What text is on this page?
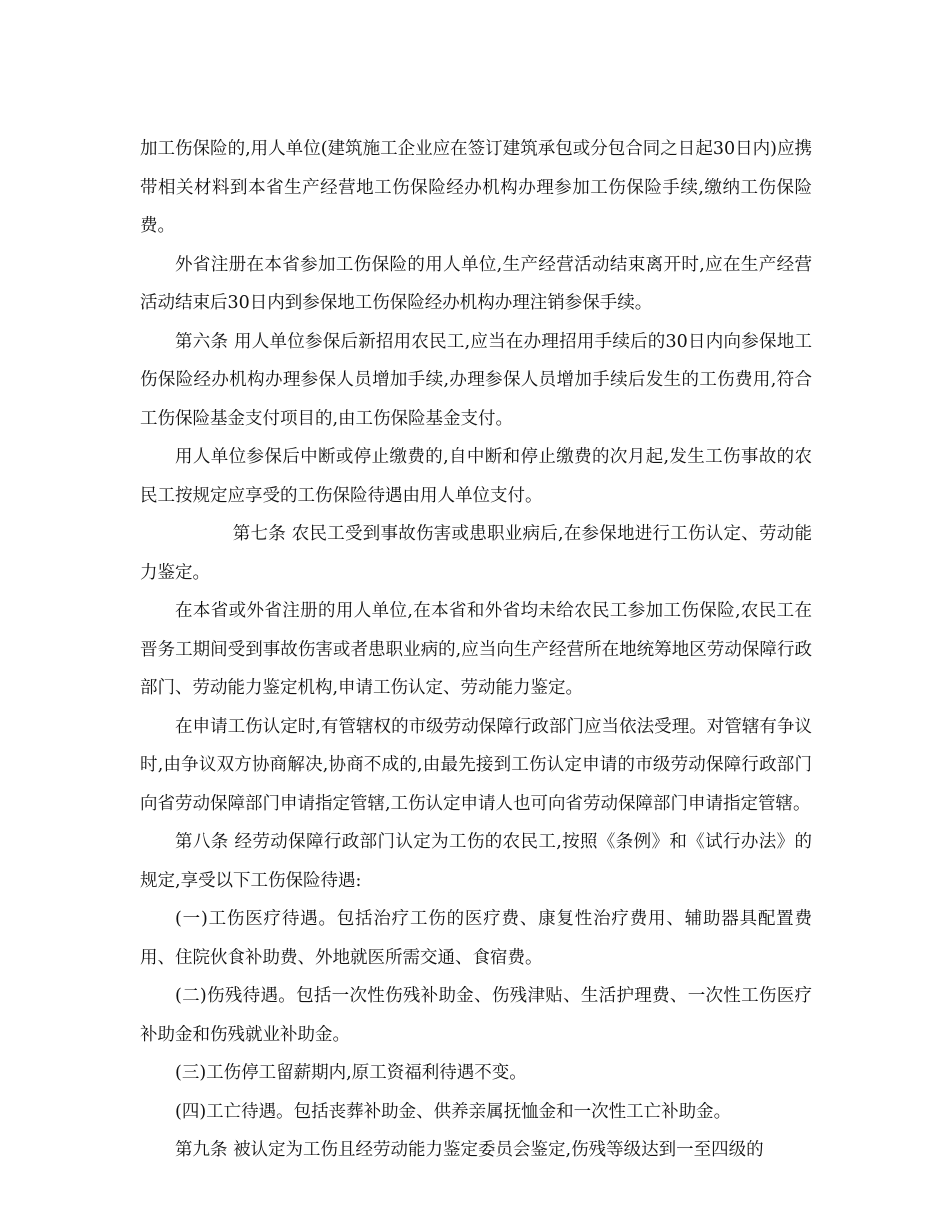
加工伤保险的,用人单位(建筑施工企业应在签订建筑承包或分包合同之日起30日内)应携带相关材料到本省生产经营地工伤保险经办机构办理参加工伤保险手续,缴纳工伤保险费。

外省注册在本省参加工伤保险的用人单位,生产经营活动结束离开时,应在生产经营活动结束后30日内到参保地工伤保险经办机构办理注销参保手续。

第六条 用人单位参保后新招用农民工,应当在办理招用手续后的30日内向参保地工伤保险经办机构办理参保人员增加手续,办理参保人员增加手续后发生的工伤费用,符合工伤保险基金支付项目的,由工伤保险基金支付。

用人单位参保后中断或停止缴费的,自中断和停止缴费的次月起,发生工伤事故的农民工按规定应享受的工伤保险待遇由用人单位支付。

第七条 农民工受到事故伤害或患职业病后,在参保地进行工伤认定、劳动能力鉴定。

在本省或外省注册的用人单位,在本省和外省均未给农民工参加工伤保险,农民工在晋务工期间受到事故伤害或者患职业病的,应当向生产经营所在地统筹地区劳动保障行政部门、劳动能力鉴定机构,申请工伤认定、劳动能力鉴定。

在申请工伤认定时,有管辖权的市级劳动保障行政部门应当依法受理。对管辖有争议时,由争议双方协商解决,协商不成的,由最先接到工伤认定申请的市级劳动保障行政部门向省劳动保障部门申请指定管辖,工伤认定申请人也可向省劳动保障部门申请指定管辖。

第八条 经劳动保障行政部门认定为工伤的农民工,按照《条例》和《试行办法》的规定,享受以下工伤保险待遇:

(一)工伤医疗待遇。包括治疗工伤的医疗费、康复性治疗费用、辅助器具配置费用、住院伙食补助费、外地就医所需交通、食宿费。

(二)伤残待遇。包括一次性伤残补助金、伤残津贴、生活护理费、一次性工伤医疗补助金和伤残就业补助金。

(三)工伤停工留薪期内,原工资福利待遇不变。

(四)工亡待遇。包括丧葬补助金、供养亲属抚恤金和一次性工亡补助金。

第九条 被认定为工伤且经劳动能力鉴定委员会鉴定,伤残等级达到一至四级的
